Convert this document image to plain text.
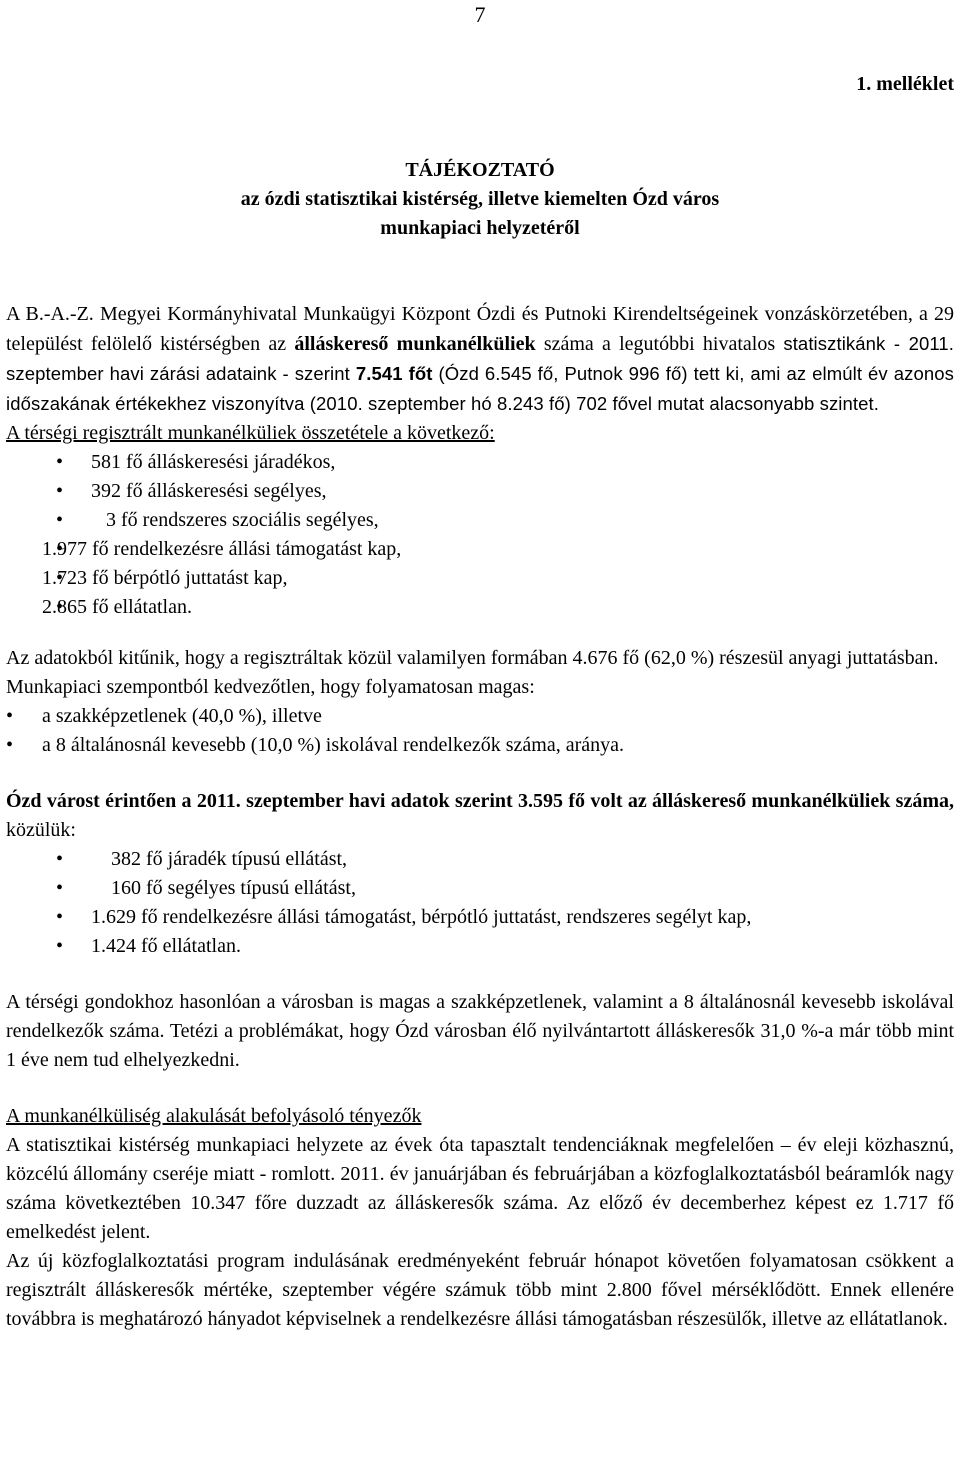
7
1. melléklet
TÁJÉKOZTATÓ
az ózdi statisztikai kistérség, illetve kiemelten Ózd város
munkapiaci helyzetéről

A B.-A.-Z. Megyei Kormányhivatal Munkaügyi Központ Ózdi és Putnoki Kirendeltségeinek vonzáskörzetében, a 29 települést felölelő kistérségben az álláskereső munkanélküliek száma a legutóbbi hivatalos statisztikánk - 2011. szeptember havi zárási adataink - szerint 7.541 főt (Ózd 6.545 fő, Putnok 996 fő) tett ki, ami az elmúlt év azonos időszakának értékekhez viszonyítva (2010. szeptember hó 8.243 fő) 702 fővel mutat alacsonyabb szintet.

A térségi regisztrált munkanélküliek összetétele a következő:

• 581 fő álláskeresési járadékos,
• 392 fő álláskeresési segélyes,
•    3 fő rendszeres szociális segélyes,
• 1.977 fő rendelkezésre állási támogatást kap,
• 1.723 fő bérpótló juttatást kap,
• 2.865 fő ellátatlan.

Az adatokból kitűnik, hogy a regisztráltak közül valamilyen formában 4.676 fő (62,0 %) részesül anyagi juttatásban.

Munkapiaci szempontból kedvezőtlen, hogy folyamatosan magas:

• a szakképzetlenek (40,0 %), illetve
• a 8 általánosnál kevesebb (10,0 %) iskolával rendelkezők száma, aránya.

Ózd várost érintően a 2011. szeptember havi adatok szerint 3.595 fő volt az álláskereső munkanélküliek száma, közülük:

• 382 fő járadék típusú ellátást,
• 160 fő segélyes típusú ellátást,
• 1.629 fő rendelkezésre állási támogatást, bérpótló juttatást, rendszeres segélyt kap,
• 1.424 fő ellátatlan.

A térségi gondokhoz hasonlóan a városban is magas a szakképzetlenek, valamint a 8 általánosnál kevesebb iskolával rendelkezők száma. Tetézi a problémákat, hogy Ózd városban élő nyilvántartott álláskeresők 31,0 %-a már több mint 1 éve nem tud elhelyezkedni.

A munkanélküliség alakulását befolyásoló tényezők

A statisztikai kistérség munkapiaci helyzete az évek óta tapasztalt tendenciáknak megfelelően – év eleji közhasznú, közcélú állomány cseréje miatt - romlott. 2011. év januárjában és februárjában a közfoglalkoztatásból beáramlók nagy száma következtében 10.347 főre duzzadt az álláskeresők száma. Az előző év decemberhez képest ez 1.717 fő emelkedést jelent.

Az új közfoglalkoztatási program indulásának eredményeként február hónapot követően folyamatosan csökkent a regisztrált álláskeresők mértéke, szeptember végére számuk több mint 2.800 fővel mérséklődött. Ennek ellenére továbbra is meghatározó hányadot képviselnek a rendelkezésre állási támogatásban részesülők, illetve az ellátatlanok.
